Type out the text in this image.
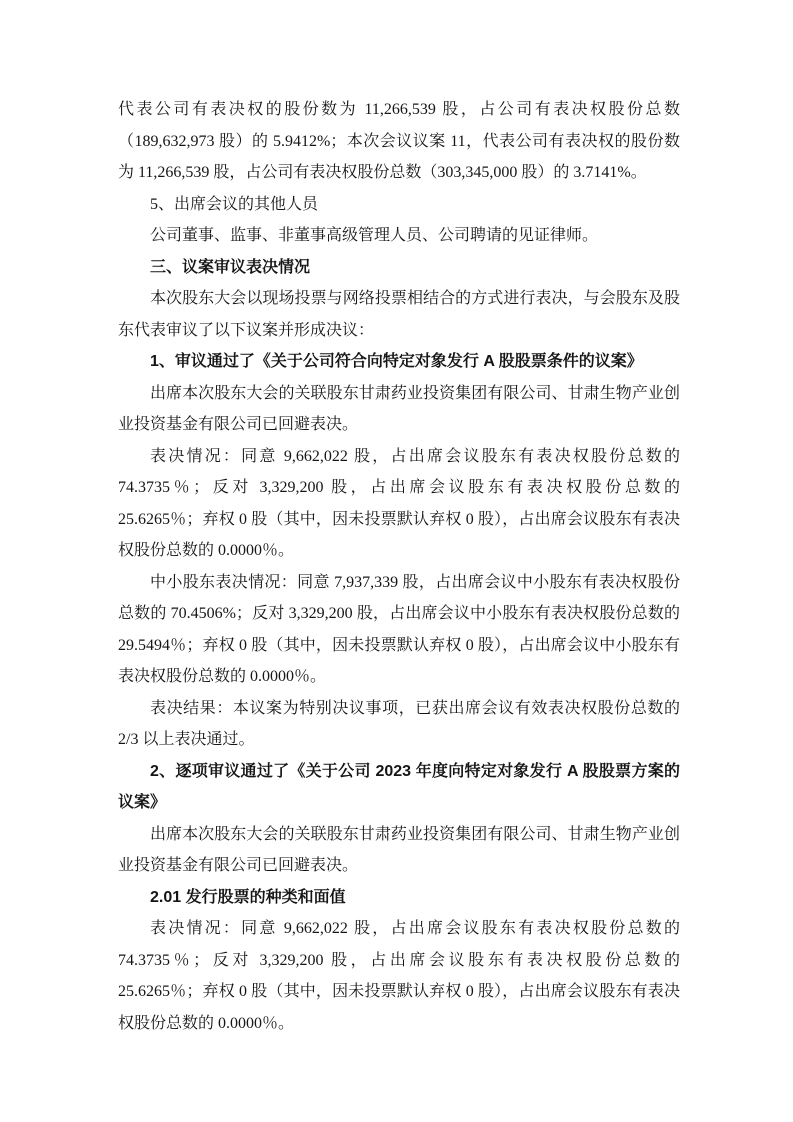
代表公司有表决权的股份数为 11,266,539 股，占公司有表决权股份总数（189,632,973 股）的 5.9412%；本次会议议案 11，代表公司有表决权的股份数为 11,266,539 股，占公司有表决权股份总数（303,345,000 股）的 3.7141%。

5、出席会议的其他人员

公司董事、监事、非董事高级管理人员、公司聘请的见证律师。

三、议案审议表决情况

本次股东大会以现场投票与网络投票相结合的方式进行表决，与会股东及股东代表审议了以下议案并形成决议：

1、审议通过了《关于公司符合向特定对象发行 A 股股票条件的议案》

出席本次股东大会的关联股东甘肃药业投资集团有限公司、甘肃生物产业创业投资基金有限公司已回避表决。

表决情况：同意 9,662,022 股，占出席会议股东有表决权股份总数的 74.3735％；反对 3,329,200 股，占出席会议股东有表决权股份总数的 25.6265％；弃权 0 股（其中，因未投票默认弃权 0 股），占出席会议股东有表决权股份总数的 0.0000％。

中小股东表决情况：同意 7,937,339 股，占出席会议中小股东有表决权股份总数的 70.4506%；反对 3,329,200 股，占出席会议中小股东有表决权股份总数的 29.5494％；弃权 0 股（其中，因未投票默认弃权 0 股），占出席会议中小股东有表决权股份总数的 0.0000％。

表决结果：本议案为特别决议事项，已获出席会议有效表决权股份总数的 2/3 以上表决通过。

2、逐项审议通过了《关于公司 2023 年度向特定对象发行 A 股股票方案的议案》

出席本次股东大会的关联股东甘肃药业投资集团有限公司、甘肃生物产业创业投资基金有限公司已回避表决。

2.01 发行股票的种类和面值

表决情况：同意 9,662,022 股，占出席会议股东有表决权股份总数的 74.3735％；反对 3,329,200 股，占出席会议股东有表决权股份总数的 25.6265％；弃权 0 股（其中，因未投票默认弃权 0 股），占出席会议股东有表决权股份总数的 0.0000％。
